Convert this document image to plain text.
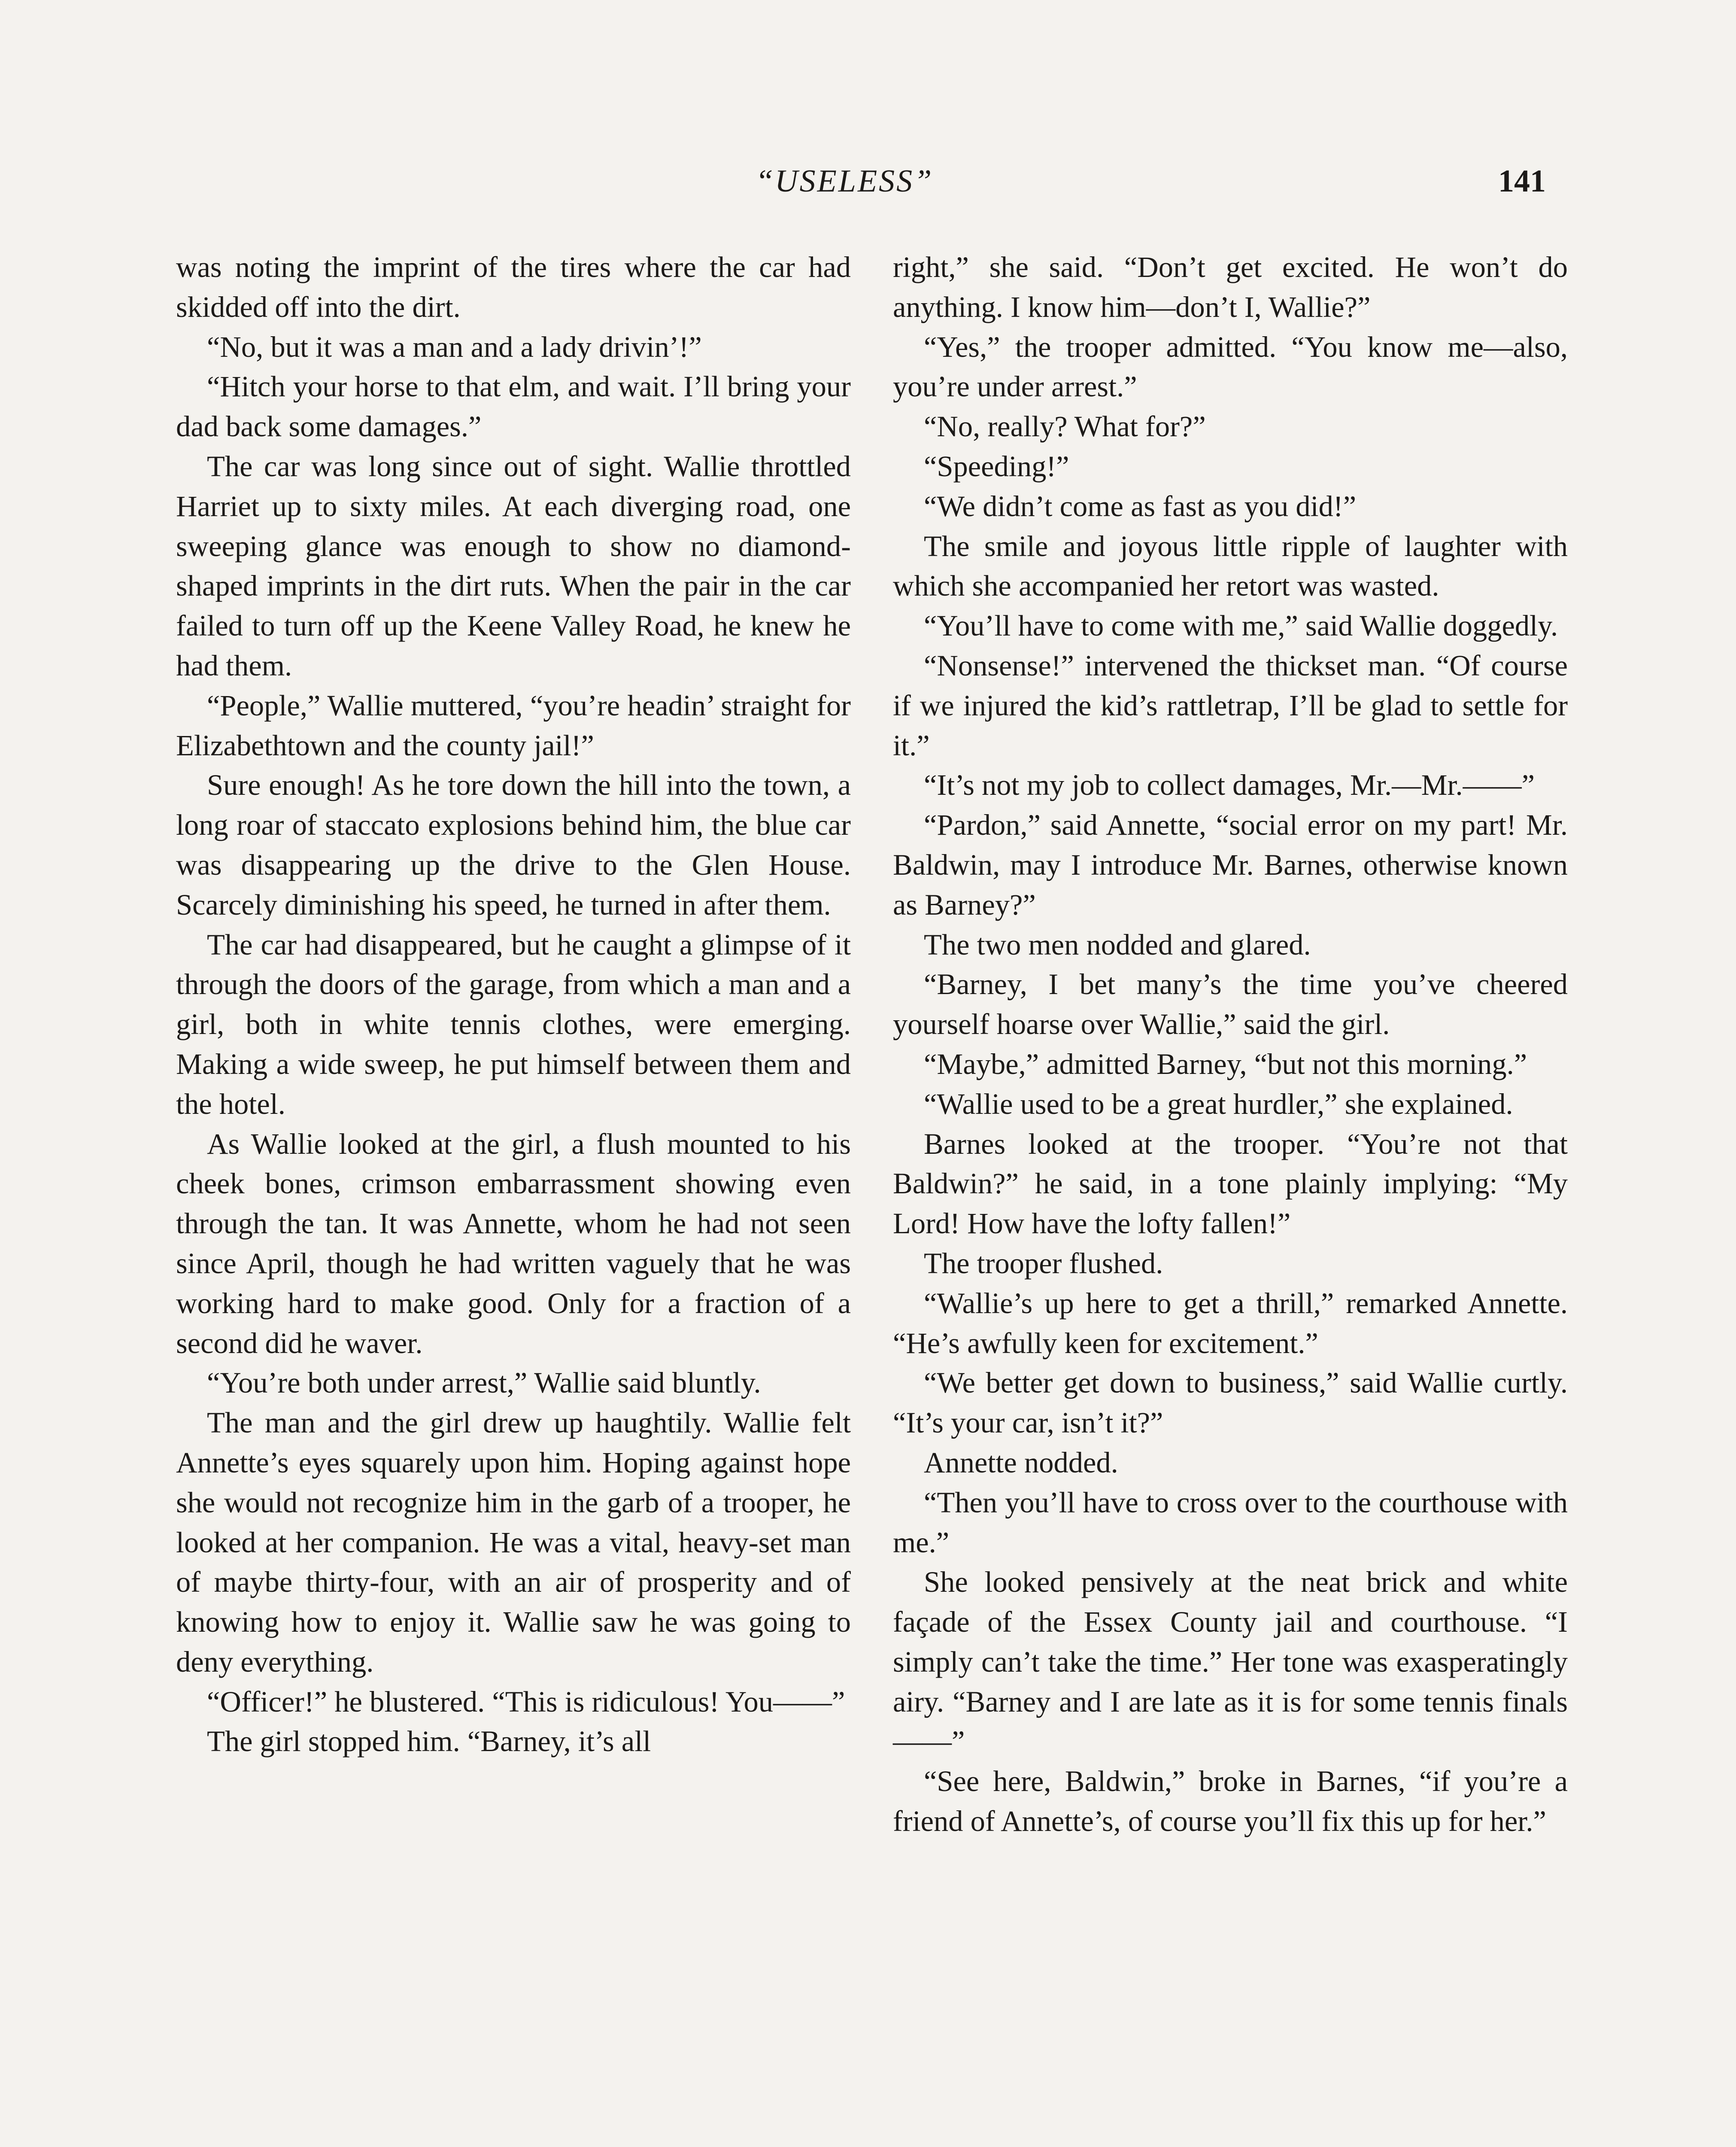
“USELESS”	141

was noting the imprint of the tires where the car had skidded off into the dirt.

“No, but it was a man and a lady drivin’!”

“Hitch your horse to that elm, and wait. I’ll bring your dad back some damages.”

The car was long since out of sight. Wallie throttled Harriet up to sixty miles. At each diverging road, one sweeping glance was enough to show no diamond-shaped imprints in the dirt ruts. When the pair in the car failed to turn off up the Keene Valley Road, he knew he had them.

“People,” Wallie muttered, “you’re headin’ straight for Elizabethtown and the county jail!”

Sure enough! As he tore down the hill into the town, a long roar of staccato explosions behind him, the blue car was disappearing up the drive to the Glen House. Scarcely diminishing his speed, he turned in after them.

The car had disappeared, but he caught a glimpse of it through the doors of the garage, from which a man and a girl, both in white tennis clothes, were emerging. Making a wide sweep, he put himself between them and the hotel.

As Wallie looked at the girl, a flush mounted to his cheek bones, crimson embarrassment showing even through the tan. It was Annette, whom he had not seen since April, though he had written vaguely that he was working hard to make good. Only for a fraction of a second did he waver.

“You’re both under arrest,” Wallie said bluntly.

The man and the girl drew up haughtily. Wallie felt Annette’s eyes squarely upon him. Hoping against hope she would not recognize him in the garb of a trooper, he looked at her companion. He was a vital, heavy-set man of maybe thirty-four, with an air of prosperity and of knowing how to enjoy it. Wallie saw he was going to deny everything.

“Officer!” he blustered. “This is ridiculous! You——”

The girl stopped him. “Barney, it’s all

right,” she said. “Don’t get excited. He won’t do anything. I know him—don’t I, Wallie?”

“Yes,” the trooper admitted. “You know me—also, you’re under arrest.”

“No, really? What for?”

“Speeding!”

“We didn’t come as fast as you did!”

The smile and joyous little ripple of laughter with which she accompanied her retort was wasted.

“You’ll have to come with me,” said Wallie doggedly.

“Nonsense!” intervened the thickset man. “Of course if we injured the kid’s rattletrap, I’ll be glad to settle for it.”

“It’s not my job to collect damages, Mr.—Mr.——”

“Pardon,” said Annette, “social error on my part! Mr. Baldwin, may I introduce Mr. Barnes, otherwise known as Barney?”

The two men nodded and glared.

“Barney, I bet many’s the time you’ve cheered yourself hoarse over Wallie,” said the girl.

“Maybe,” admitted Barney, “but not this morning.”

“Wallie used to be a great hurdler,” she explained.

Barnes looked at the trooper. “You’re not that Baldwin?” he said, in a tone plainly implying: “My Lord! How have the lofty fallen!”

The trooper flushed.

“Wallie’s up here to get a thrill,” remarked Annette. “He’s awfully keen for excitement.”

“We better get down to business,” said Wallie curtly. “It’s your car, isn’t it?”

Annette nodded.

“Then you’ll have to cross over to the courthouse with me.”

She looked pensively at the neat brick and white façade of the Essex County jail and courthouse. “I simply can’t take the time.” Her tone was exasperatingly airy. “Barney and I are late as it is for some tennis finals——”

“See here, Baldwin,” broke in Barnes, “if you’re a friend of Annette’s, of course you’ll fix this up for her.”
